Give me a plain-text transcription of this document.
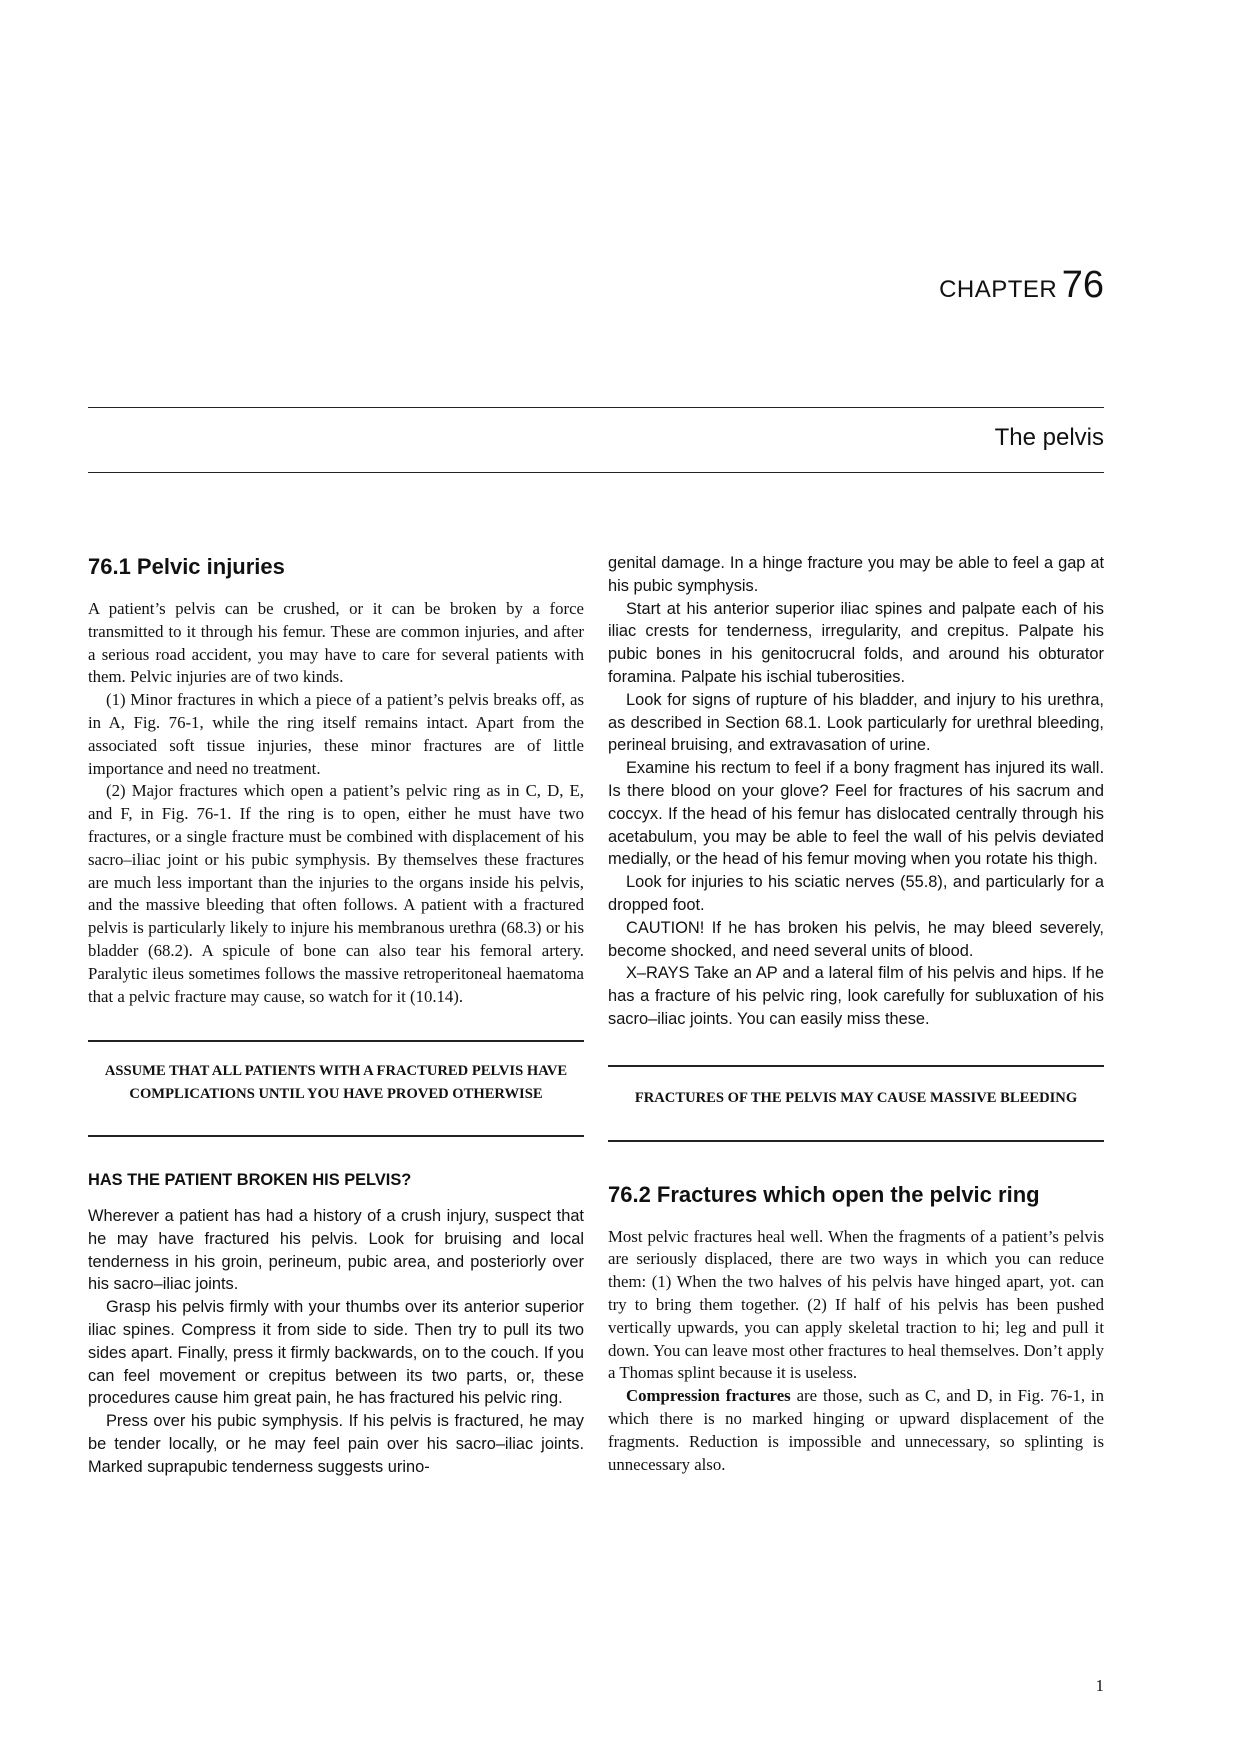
CHAPTER 76
The pelvis
76.1 Pelvic injuries

A patient’s pelvis can be crushed, or it can be broken by a force transmitted to it through his femur. These are common injuries, and after a serious road accident, you may have to care for several patients with them. Pelvic injuries are of two kinds.

(1) Minor fractures in which a piece of a patient’s pelvis breaks off, as in A, Fig. 76-1, while the ring itself remains intact. Apart from the associated soft tissue injuries, these minor fractures are of little importance and need no treatment.

(2) Major fractures which open a patient’s pelvic ring as in C, D, E, and F, in Fig. 76-1. If the ring is to open, either he must have two fractures, or a single fracture must be combined with displacement of his sacro–iliac joint or his pubic symphysis. By themselves these fractures are much less important than the injuries to the organs inside his pelvis, and the massive bleeding that often follows. A patient with a fractured pelvis is particularly likely to injure his membranous urethra (68.3) or his bladder (68.2). A spicule of bone can also tear his femoral artery. Paralytic ileus sometimes follows the massive retroperitoneal haematoma that a pelvic fracture may cause, so watch for it (10.14).

ASSUME THAT ALL PATIENTS WITH A FRACTURED PELVIS HAVE COMPLICATIONS UNTIL YOU HAVE PROVED OTHERWISE
HAS THE PATIENT BROKEN HIS PELVIS?

Wherever a patient has had a history of a crush injury, suspect that he may have fractured his pelvis. Look for bruising and local tenderness in his groin, perineum, pubic area, and posteriorly over his sacro–iliac joints.

Grasp his pelvis firmly with your thumbs over its anterior superior iliac spines. Compress it from side to side. Then try to pull its two sides apart. Finally, press it firmly backwards, on to the couch. If you can feel movement or crepitus between its two parts, or, these procedures cause him great pain, he has fractured his pelvic ring.

Press over his pubic symphysis. If his pelvis is fractured, he may be tender locally, or he may feel pain over his sacro–iliac joints. Marked suprapubic tenderness suggests urino-

genital damage. In a hinge fracture you may be able to feel a gap at his pubic symphysis.

Start at his anterior superior iliac spines and palpate each of his iliac crests for tenderness, irregularity, and crepitus. Palpate his pubic bones in his genitocrucral folds, and around his obturator foramina. Palpate his ischial tuberosities.

Look for signs of rupture of his bladder, and injury to his urethra, as described in Section 68.1. Look particularly for urethral bleeding, perineal bruising, and extravasation of urine.

Examine his rectum to feel if a bony fragment has injured its wall. Is there blood on your glove? Feel for fractures of his sacrum and coccyx. If the head of his femur has dislocated centrally through his acetabulum, you may be able to feel the wall of his pelvis deviated medially, or the head of his femur moving when you rotate his thigh.

Look for injuries to his sciatic nerves (55.8), and particularly for a dropped foot.

CAUTION! If he has broken his pelvis, he may bleed severely, become shocked, and need several units of blood.

X–RAYS Take an AP and a lateral film of his pelvis and hips. If he has a fracture of his pelvic ring, look carefully for subluxation of his sacro–iliac joints. You can easily miss these.

FRACTURES OF THE PELVIS MAY CAUSE MASSIVE BLEEDING
76.2 Fractures which open the pelvic ring

Most pelvic fractures heal well. When the fragments of a patient’s pelvis are seriously displaced, there are two ways in which you can reduce them: (1) When the two halves of his pelvis have hinged apart, yot. can try to bring them together. (2) If half of his pelvis has been pushed vertically upwards, you can apply skeletal traction to hi; leg and pull it down. You can leave most other fractures to heal themselves. Don’t apply a Thomas splint because it is useless.

Compression fractures are those, such as C, and D, in Fig. 76-1, in which there is no marked hinging or upward displacement of the fragments. Reduction is impossible and unnecessary, so splinting is unnecessary also.

1
